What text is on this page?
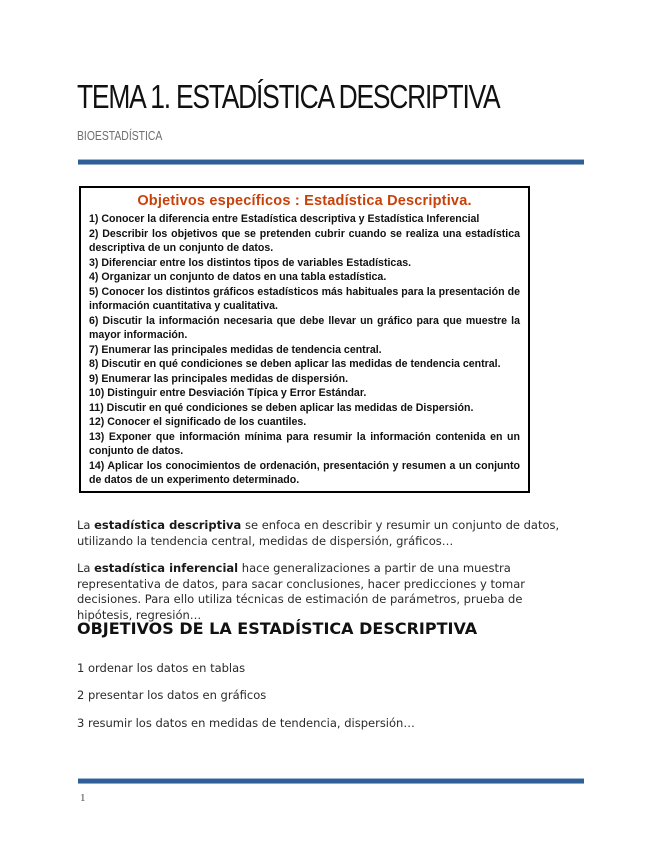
TEMA 1. ESTADÍSTICA DESCRIPTIVA
BIOESTADÍSTICA
Objetivos específicos : Estadística Descriptiva.
1) Conocer la diferencia entre Estadística descriptiva y Estadística Inferencial
2) Describir los objetivos que se pretenden cubrir cuando se realiza una estadística descriptiva de un conjunto de datos.
3) Diferenciar entre los distintos tipos de variables Estadísticas.
4) Organizar un conjunto de datos en una tabla estadística.
5) Conocer los distintos gráficos estadísticos más habituales para la presentación de información cuantitativa y cualitativa.
6) Discutir la información necesaria que debe llevar un gráfico para que muestre la mayor información.
7) Enumerar las principales medidas de tendencia central.
8) Discutir en qué condiciones se deben aplicar las medidas de tendencia central.
9) Enumerar las principales medidas de dispersión.
10) Distinguir entre Desviación Típica y Error Estándar.
11) Discutir en qué condiciones se deben aplicar las medidas de Dispersión.
12) Conocer el significado de los cuantiles.
13) Exponer que información mínima para resumir la información contenida en un conjunto de datos.
14) Aplicar los conocimientos de ordenación, presentación y resumen a un conjunto de datos de un experimento determinado.

La estadística descriptiva se enfoca en describir y resumir un conjunto de datos, utilizando la tendencia central, medidas de dispersión, gráficos…

La estadística inferencial hace generalizaciones a partir de una muestra representativa de datos, para sacar conclusiones, hacer predicciones y tomar decisiones. Para ello utiliza técnicas de estimación de parámetros, prueba de hipótesis, regresión…

OBJETIVOS DE LA ESTADÍSTICA DESCRIPTIVA
1 ordenar los datos en tablas
2 presentar los datos en gráficos
3 resumir los datos en medidas de tendencia, dispersión…
1
